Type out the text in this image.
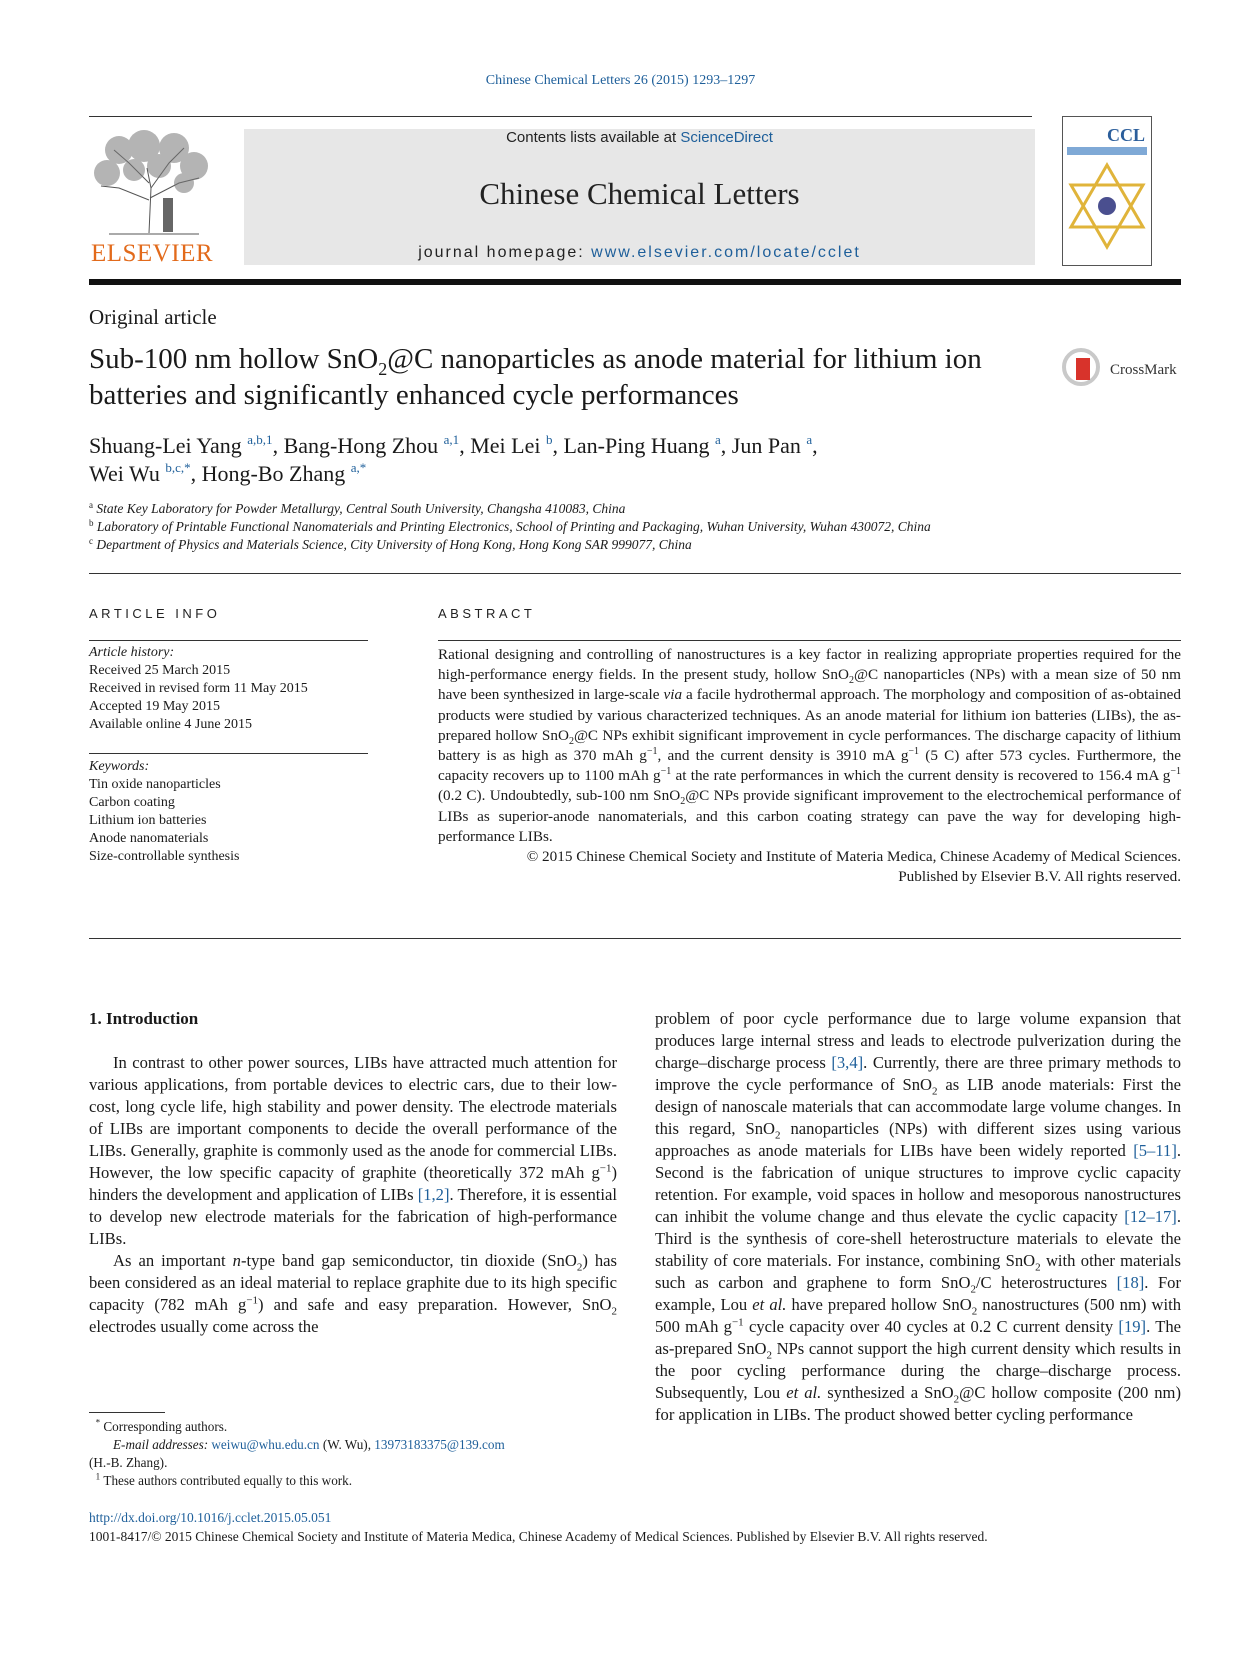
Chinese Chemical Letters 26 (2015) 1293–1297
ELSEVIER
Contents lists available at ScienceDirect
Chinese Chemical Letters
journal homepage: www.elsevier.com/locate/cclet
CCL
Original article
Sub-100 nm hollow SnO$_2$@C nanoparticles as anode material for lithium ion batteries and significantly enhanced cycle performances
CrossMark
Shuang-Lei Yang $^{a,b,1}$, Bang-Hong Zhou $^{a,1}$, Mei Lei $^b$, Lan-Ping Huang $^a$, Jun Pan $^a$,
Wei Wu $^{b,c,*}$, Hong-Bo Zhang $^{a,*}$
$^a$ State Key Laboratory for Powder Metallurgy, Central South University, Changsha 410083, China
$^b$ Laboratory of Printable Functional Nanomaterials and Printing Electronics, School of Printing and Packaging, Wuhan University, Wuhan 430072, China
$^c$ Department of Physics and Materials Science, City University of Hong Kong, Hong Kong SAR 999077, China
ARTICLE INFO
Article history:
Received 25 March 2015
Received in revised form 11 May 2015
Accepted 19 May 2015
Available online 4 June 2015
Keywords:
Tin oxide nanoparticles
Carbon coating
Lithium ion batteries
Anode nanomaterials
Size-controllable synthesis
ABSTRACT

Rational designing and controlling of nanostructures is a key factor in realizing appropriate properties required for the high-performance energy fields. In the present study, hollow SnO$_2$@C nanoparticles (NPs) with a mean size of 50 nm have been synthesized in large-scale via a facile hydrothermal approach. The morphology and composition of as-obtained products were studied by various characterized techniques. As an anode material for lithium ion batteries (LIBs), the as-prepared hollow SnO$_2$@C NPs exhibit significant improvement in cycle performances. The discharge capacity of lithium battery is as high as 370 mAh $g^{-1}$, and the current density is 3910 mA $g^{-1}$ (5 C) after 573 cycles. Furthermore, the capacity recovers up to 1100 mAh $g^{-1}$ at the rate performances in which the current density is recovered to 156.4 mA $g^{-1}$ (0.2 C). Undoubtedly, sub-100 nm SnO$_2$@C NPs provide significant improvement to the electrochemical performance of LIBs as superior-anode nanomaterials, and this carbon coating strategy can pave the way for developing high-performance LIBs.

© 2015 Chinese Chemical Society and Institute of Materia Medica, Chinese Academy of Medical Sciences.
Published by Elsevier B.V. All rights reserved.

1. Introduction

In contrast to other power sources, LIBs have attracted much attention for various applications, from portable devices to electric cars, due to their low-cost, long cycle life, high stability and power density. The electrode materials of LIBs are important components to decide the overall performance of the LIBs. Generally, graphite is commonly used as the anode for commercial LIBs. However, the low specific capacity of graphite (theoretically 372 mAh $g^{-1}$) hinders the development and application of LIBs [1,2]. Therefore, it is essential to develop new electrode materials for the fabrication of high-performance LIBs.

As an important n-type band gap semiconductor, tin dioxide (SnO$_2$) has been considered as an ideal material to replace graphite due to its high specific capacity (782 mAh $g^{-1}$) and safe and easy preparation. However, SnO$_2$ electrodes usually come across the

problem of poor cycle performance due to large volume expansion that produces large internal stress and leads to electrode pulverization during the charge–discharge process [3,4]. Currently, there are three primary methods to improve the cycle performance of SnO$_2$ as LIB anode materials: First the design of nanoscale materials that can accommodate large volume changes. In this regard, SnO$_2$ nanoparticles (NPs) with different sizes using various approaches as anode materials for LIBs have been widely reported [5–11]. Second is the fabrication of unique structures to improve cyclic capacity retention. For example, void spaces in hollow and mesoporous nanostructures can inhibit the volume change and thus elevate the cyclic capacity [12–17]. Third is the synthesis of core-shell heterostructure materials to elevate the stability of core materials. For instance, combining SnO$_2$ with other materials such as carbon and graphene to form SnO$_2$/C heterostructures [18]. For example, Lou et al. have prepared hollow SnO$_2$ nanostructures (500 nm) with 500 mAh $g^{-1}$ cycle capacity over 40 cycles at 0.2 C current density [19]. The as-prepared SnO$_2$ NPs cannot support the high current density which results in the poor cycling performance during the charge–discharge process. Subsequently, Lou et al. synthesized a SnO$_2$@C hollow composite (200 nm) for application in LIBs. The product showed better cycling performance

* Corresponding authors.
E-mail addresses: weiwu@whu.edu.cn (W. Wu), 13973183375@139.com
(H.-B. Zhang).
$^1$ These authors contributed equally to this work.
http://dx.doi.org/10.1016/j.cclet.2015.05.051
1001-8417/© 2015 Chinese Chemical Society and Institute of Materia Medica, Chinese Academy of Medical Sciences. Published by Elsevier B.V. All rights reserved.
